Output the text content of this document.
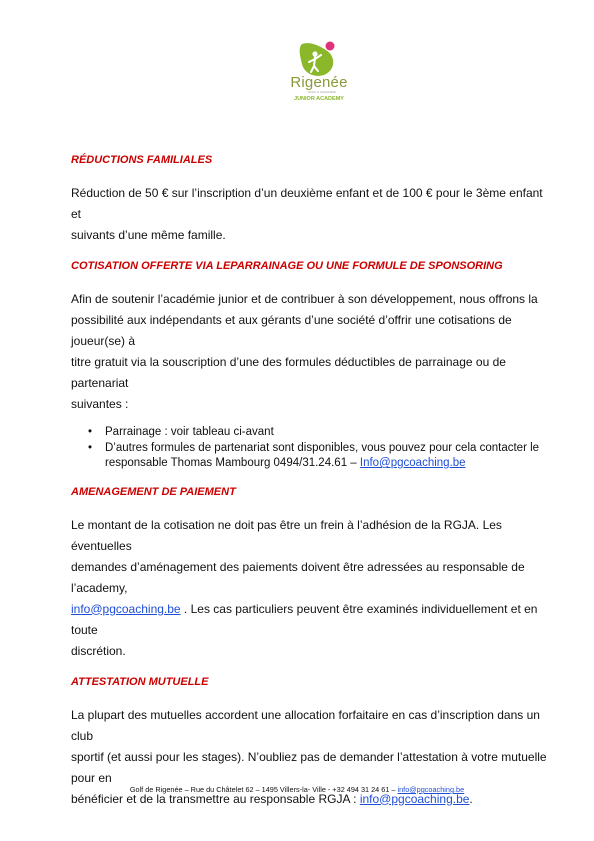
Rigenée
GOLF & COACHING
JUNIOR ACADEMY

RÉDUCTIONS FAMILIALES

Réduction de 50 € sur l’inscription d’un deuxième enfant et de 100 € pour le 3ème enfant et

suivants d’une même famille.

COTISATION OFFERTE VIA LEPARRAINAGE OU UNE FORMULE DE SPONSORING

Afin de soutenir l’académie junior et de contribuer à son développement, nous offrons la

possibilité aux indépendants et aux gérants d’une société d’offrir une cotisations de joueur(se) à

titre gratuit via la souscription d’une des formules déductibles de parrainage ou de partenariat

suivantes :

• Parrainage : voir tableau ci-avant
• D’autres formules de partenariat sont disponibles, vous pouvez pour cela contacter le
responsable Thomas Mambourg 0494/31.24.61 – Info@pgcoaching.be

AMENAGEMENT DE PAIEMENT

Le montant de la cotisation ne doit pas être un frein à l’adhésion de la RGJA. Les éventuelles

demandes d’aménagement des paiements doivent être adressées au responsable de l’academy,

info@pgcoaching.be . Les cas particuliers peuvent être examinés individuellement et en toute

discrétion.

ATTESTATION MUTUELLE

La plupart des mutuelles accordent une allocation forfaitaire en cas d’inscription dans un club

sportif (et aussi pour les stages). N’oubliez pas de demander l’attestation à votre mutuelle pour en

bénéficier et de la transmettre au responsable RGJA : info@pgcoaching.be.

Golf de Rigenée – Rue du Châtelet 62 – 1495 Villers-la- Ville - +32 494 31 24 61 – info@pgcoaching.be
